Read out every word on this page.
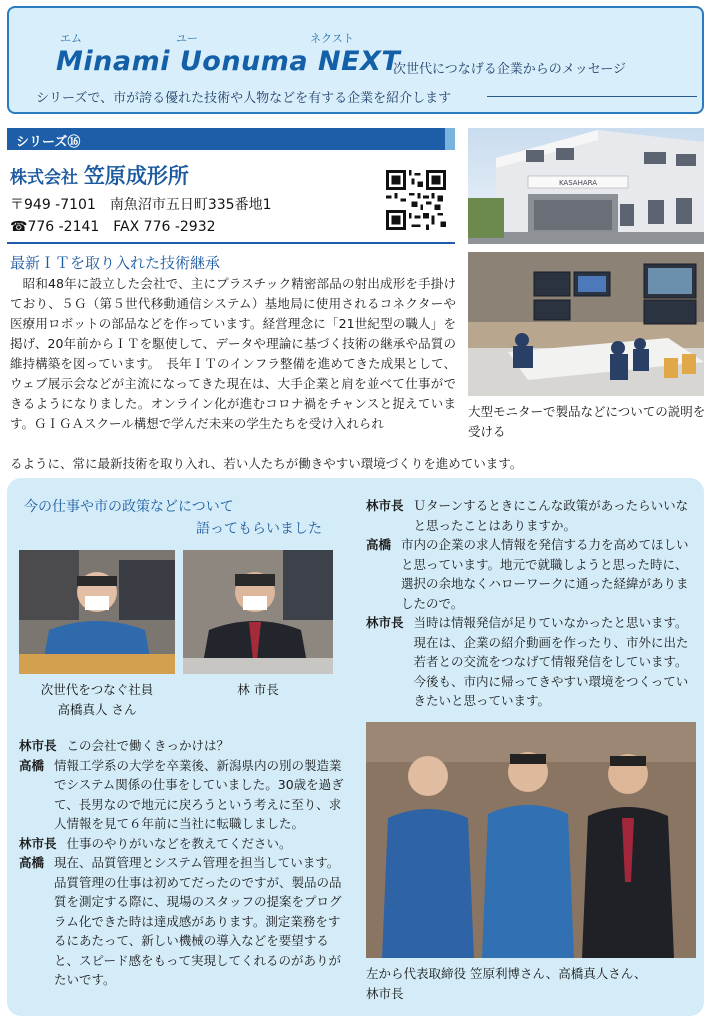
エム	ユー	ネクスト
Minami Uonuma NEXT
次世代につなげる企業からのメッセージ
シリーズで、市が誇る優れた技術や人物などを有する企業を紹介します
シリーズ⑯
株式会社 笠原成形所
〒949 -7101　南魚沼市五日町335番地1
☎776 -2141　FAX 776 -2932
最新ＩＴを取り入れた技術継承
　昭和48年に設立した会社で、主にプラスチック精密部品の射出成形を手掛けており、５Ｇ（第５世代移動通信システム）基地局に使用されるコネクターや医療用ロボットの部品などを作っています。経営理念に「21世紀型の職人」を掲げ、20年前からＩＴを駆使して、データや理論に基づく技術の継承や品質の維持構築を図っています。　長年ＩＴのインフラ整備を進めてきた成果として、ウェブ展示会などが主流になってきた現在は、大手企業と肩を並べて仕事ができるようになりました。オンライン化が進むコロナ禍をチャンスと捉えています。ＧＩＧＡスクール構想で学んだ未来の学生たちを受け入れられ
るように、常に最新技術を取り入れ、若い人たちが働きやすい環境づくりを進めています。
KASAHARA
大型モニターで製品などについての説明を受ける
今の仕事や市の政策などについて
語ってもらいました
次世代をつなぐ社員
高橋真人 さん
林 市長
林市長 この会社で働くきっかけは？
高橋 情報工学系の大学を卒業後、新潟県内の別の製造業でシステム関係の仕事をしていました。30歳を過ぎて、長男なので地元に戻ろうという考えに至り、求人情報を見て６年前に当社に転職しました。
林市長 仕事のやりがいなどを教えてください。
高橋 現在、品質管理とシステム管理を担当しています。品質管理の仕事は初めてだったのですが、製品の品質を測定する際に、現場のスタッフの提案をプログラム化できた時は達成感があります。測定業務をするにあたって、新しい機械の導入などを要望すると、スピード感をもって実現してくれるのがありがたいです。
林市長 Ｕターンするときにこんな政策があったらいいなと思ったことはありますか。
高橋 市内の企業の求人情報を発信する力を高めてほしいと思っています。地元で就職しようと思った時に、選択の余地なくハローワークに通った経緯がありましたので。
林市長 当時は情報発信が足りていなかったと思います。現在は、企業の紹介動画を作ったり、市外に出た若者との交流をつなげて情報発信をしています。今後も、市内に帰ってきやすい環境をつくっていきたいと思っています。
左から代表取締役 笠原利博さん、高橋真人さん、
林市長
